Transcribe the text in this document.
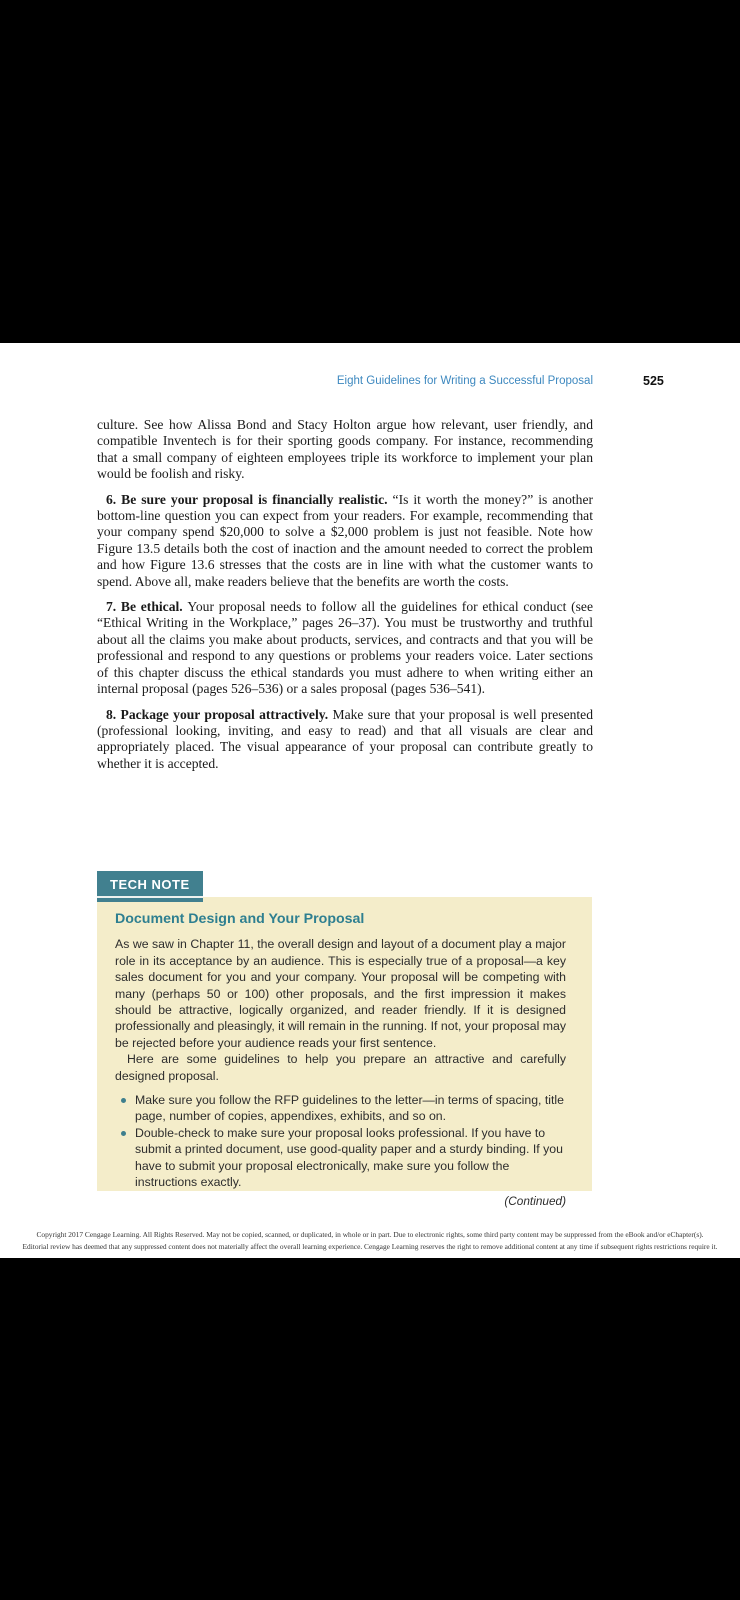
Eight Guidelines for Writing a Successful Proposal	525

culture. See how Alissa Bond and Stacy Holton argue how relevant, user friendly, and compatible Inventech is for their sporting goods company. For instance, recommending that a small company of eighteen employees triple its workforce to implement your plan would be foolish and risky.

6. Be sure your proposal is financially realistic. “Is it worth the money?” is another bottom-line question you can expect from your readers. For example, recommending that your company spend $20,000 to solve a $2,000 problem is just not feasible. Note how Figure 13.5 details both the cost of inaction and the amount needed to correct the problem and how Figure 13.6 stresses that the costs are in line with what the customer wants to spend. Above all, make readers believe that the benefits are worth the costs.

7. Be ethical. Your proposal needs to follow all the guidelines for ethical conduct (see “Ethical Writing in the Workplace,” pages 26–37). You must be trustworthy and truthful about all the claims you make about products, services, and contracts and that you will be professional and respond to any questions or problems your readers voice. Later sections of this chapter discuss the ethical standards you must adhere to when writing either an internal proposal (pages 526–536) or a sales proposal (pages 536–541).

8. Package your proposal attractively. Make sure that your proposal is well presented (professional looking, inviting, and easy to read) and that all visuals are clear and appropriately placed. The visual appearance of your proposal can contribute greatly to whether it is accepted.

TECH NOTE
Document Design and Your Proposal

As we saw in Chapter 11, the overall design and layout of a document play a major role in its acceptance by an audience. This is especially true of a proposal—a key sales document for you and your company. Your proposal will be competing with many (perhaps 50 or 100) other proposals, and the first impression it makes should be attractive, logically organized, and reader friendly. If it is designed professionally and pleasingly, it will remain in the running. If not, your proposal may be rejected before your audience reads your first sentence.

Here are some guidelines to help you prepare an attractive and carefully designed proposal.

Make sure you follow the RFP guidelines to the letter—in terms of spacing, title page, number of copies, appendixes, exhibits, and so on.
Double-check to make sure your proposal looks professional. If you have to submit a printed document, use good-quality paper and a sturdy binding. If you have to submit your proposal electronically, make sure you follow the instructions exactly.
(Continued)
Copyright 2017 Cengage Learning. All Rights Reserved. May not be copied, scanned, or duplicated, in whole or in part. Due to electronic rights, some third party content may be suppressed from the eBook and/or eChapter(s).
Editorial review has deemed that any suppressed content does not materially affect the overall learning experience. Cengage Learning reserves the right to remove additional content at any time if subsequent rights restrictions require it.
